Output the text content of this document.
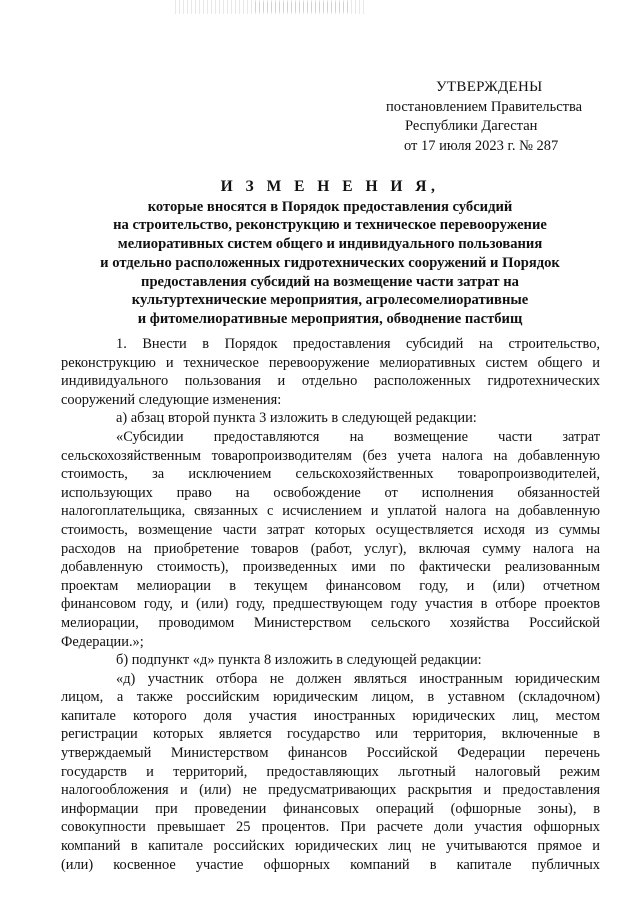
УТВЕРЖДЕНЫ
постановлением Правительства
Республики Дагестан
от 17 июля 2023 г. № 287
И З М Е Н Е Н И Я,
которые вносятся в Порядок предоставления субсидий
на строительство, реконструкцию и техническое перевооружение
мелиоративных систем общего и индивидуального пользования
и отдельно расположенных гидротехнических сооружений и Порядок
предоставления субсидий на возмещение части затрат на
культуртехнические мероприятия, агролесомелиоративные
и фитомелиоративные мероприятия, обводнение пастбищ
1. Внести в Порядок предоставления субсидий на строительство,
реконструкцию и техническое перевооружение мелиоративных систем общего и
индивидуального пользования и отдельно расположенных гидротехнических
сооружений следующие изменения:
а) абзац второй пункта 3 изложить в следующей редакции:
«Субсидии предоставляются на возмещение части затрат
сельскохозяйственным товаропроизводителям (без учета налога на добавленную
стоимость, за исключением сельскохозяйственных товаропроизводителей,
использующих право на освобождение от исполнения обязанностей
налогоплательщика, связанных с исчислением и уплатой налога на добавленную
стоимость, возмещение части затрат которых осуществляется исходя из суммы
расходов на приобретение товаров (работ, услуг), включая сумму налога на
добавленную стоимость), произведенных ими по фактически реализованным
проектам мелиорации в текущем финансовом году, и (или) отчетном
финансовом году, и (или) году, предшествующем году участия в отборе проектов
мелиорации, проводимом Министерством сельского хозяйства Российской
Федерации.»;
б) подпункт «д» пункта 8 изложить в следующей редакции:
«д) участник отбора не должен являться иностранным юридическим
лицом, а также российским юридическим лицом, в уставном (складочном)
капитале которого доля участия иностранных юридических лиц, местом
регистрации которых является государство или территория, включенные в
утверждаемый Министерством финансов Российской Федерации перечень
государств и территорий, предоставляющих льготный налоговый режим
налогообложения и (или) не предусматривающих раскрытия и предоставления
информации при проведении финансовых операций (офшорные зоны), в
совокупности превышает 25 процентов. При расчете доли участия офшорных
компаний в капитале российских юридических лиц не учитываются прямое и
(или) косвенное участие офшорных компаний в капитале публичных
